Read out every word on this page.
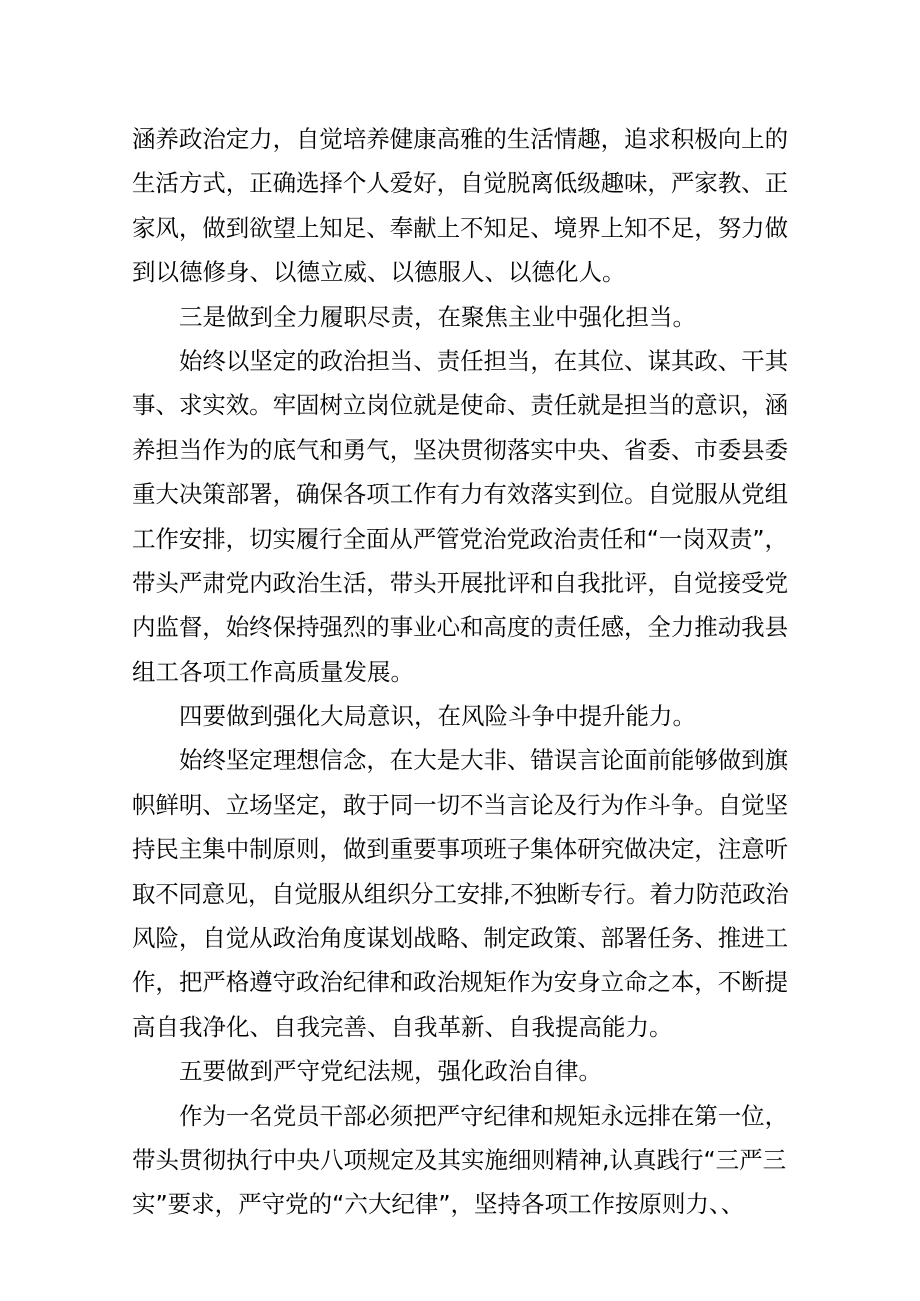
涵养政治定力，自觉培养健康高雅的生活情趣，追求积极向上的
生活方式，正确选择个人爱好，自觉脱离低级趣味，严家教、正
家风，做到欲望上知足、奉献上不知足、境界上知不足，努力做
到以德修身、以德立威、以德服人、以德化人。
三是做到全力履职尽责，在聚焦主业中强化担当。
始终以坚定的政治担当、责任担当，在其位、谋其政、干其
事、求实效。牢固树立岗位就是使命、责任就是担当的意识，涵
养担当作为的底气和勇气，坚决贯彻落实中央、省委、市委县委
重大决策部署，确保各项工作有力有效落实到位。自觉服从党组
工作安排，切实履行全面从严管党治党政治责任和“一岗双责”，
带头严肃党内政治生活，带头开展批评和自我批评，自觉接受党
内监督，始终保持强烈的事业心和高度的责任感，全力推动我县
组工各项工作高质量发展。
四要做到强化大局意识，在风险斗争中提升能力。
始终坚定理想信念，在大是大非、错误言论面前能够做到旗
帜鲜明、立场坚定，敢于同一切不当言论及行为作斗争。自觉坚
持民主集中制原则，做到重要事项班子集体研究做决定，注意听
取不同意见，自觉服从组织分工安排,不独断专行。着力防范政治
风险，自觉从政治角度谋划战略、制定政策、部署任务、推进工
作，把严格遵守政治纪律和政治规矩作为安身立命之本，不断提
高自我净化、自我完善、自我革新、自我提高能力。
五要做到严守党纪法规，强化政治自律。
作为一名党员干部必须把严守纪律和规矩永远排在第一位，
带头贯彻执行中央八项规定及其实施细则精神,认真践行“三严三
实”要求，严守党的“六大纪律”，坚持各项工作按原则力、、
